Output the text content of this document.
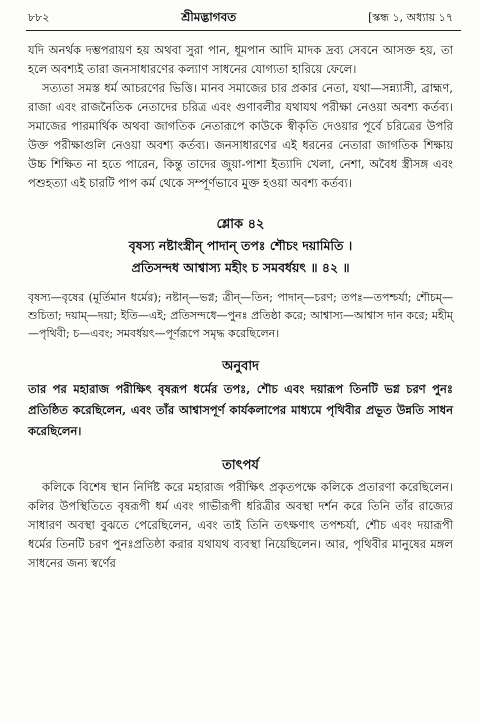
৮৮২	শ্রীমদ্ভাগবত	[স্কন্ধ ১, অধ্যায় ১৭

যদি অনর্থক দম্ভপরায়ণ হয় অথবা সুরা পান, ধূমপান আদি মাদক দ্রব্য সেবনে আসক্ত হয়, তা হলে অবশ্যই তারা জনসাধারণের কল্যাণ সাধনের যোগ্যতা হারিয়ে ফেলে।

সত্যতা সমস্ত ধর্ম আচরণের ভিত্তি। মানব সমাজের চার প্রকার নেতা, যথা—সন্ন্যাসী, ব্রাহ্মণ, রাজা এবং রাজনৈতিক নেতাদের চরিত্র এবং গুণাবলীর যথাযথ পরীক্ষা নেওয়া অবশ্য কর্তব্য। সমাজের পারমার্থিক অথবা জাগতিক নেতারূপে কাউকে স্বীকৃতি দেওয়ার পূর্বে চরিত্রের উপরি উক্ত পরীক্ষাগুলি নেওয়া অবশ্য কর্তব্য। জনসাধারণের এই ধরনের নেতারা জাগতিক শিক্ষায় উচ্চ শিক্ষিত না হতে পারেন, কিন্তু তাদের জুয়া-পাশা ইত্যাদি খেলা, নেশা, অবৈধ স্ত্রীসঙ্গ এবং পশুহত্যা এই চারটি পাপ কর্ম থেকে সম্পূর্ণভাবে মুক্ত হওয়া অবশ্য কর্তব্য।

শ্লোক ৪২

বৃষস্য নষ্টাংস্ত্রীন্ পাদান্ তপঃ শৌচং দয়ামিতি ।

প্রতিসন্দধ আশ্বাস্য মহীং চ সমবর্ধয়ৎ ॥ ৪২ ॥

বৃষস্য—বৃষের (মূর্তিমান ধর্মের); নষ্টান্—ভগ্ন; ত্রীন্—তিন; পাদান্—চরণ; তপঃ—তপশ্চর্যা; শৌচম্—শুচিতা; দয়াম্—দয়া; ইতি—এই; প্রতিসন্দধে—পুনঃ প্রতিষ্ঠা করে; আশ্বাস্য—আশ্বাস দান করে; মহীম্—পৃথিবী; চ—এবং; সমবর্ধয়ৎ—পূর্ণরূপে সমৃদ্ধ করেছিলেন।

অনুবাদ

তার পর মহারাজ পরীক্ষিৎ বৃষরূপ ধর্মের তপঃ, শৌচ এবং দয়ারূপ তিনটি ভগ্ন চরণ পুনঃ প্রতিষ্ঠিত করেছিলেন, এবং তাঁর আশ্বাসপূর্ণ কার্যকলাপের মাধ্যমে পৃথিবীর প্রভূত উন্নতি সাধন করেছিলেন।

তাৎপর্য

কলিকে বিশেষ স্থান নির্দিষ্ট করে মহারাজ পরীক্ষিৎ প্রকৃতপক্ষে কলিকে প্রতারণা করেছিলেন। কলির উপস্থিতিতে বৃষরূপী ধর্ম এবং গাভীরূপী ধরিত্রীর অবস্থা দর্শন করে তিনি তাঁর রাজ্যের সাধারণ অবস্থা বুঝতে পেরেছিলেন, এবং তাই তিনি তৎক্ষণাৎ তপশ্চর্যা, শৌচ এবং দয়ারূপী ধর্মের তিনটি চরণ পুনঃপ্রতিষ্ঠা করার যথাযথ ব্যবস্থা নিয়েছিলেন। আর, পৃথিবীর মানুষের মঙ্গল সাধনের জন্য স্বর্ণের
